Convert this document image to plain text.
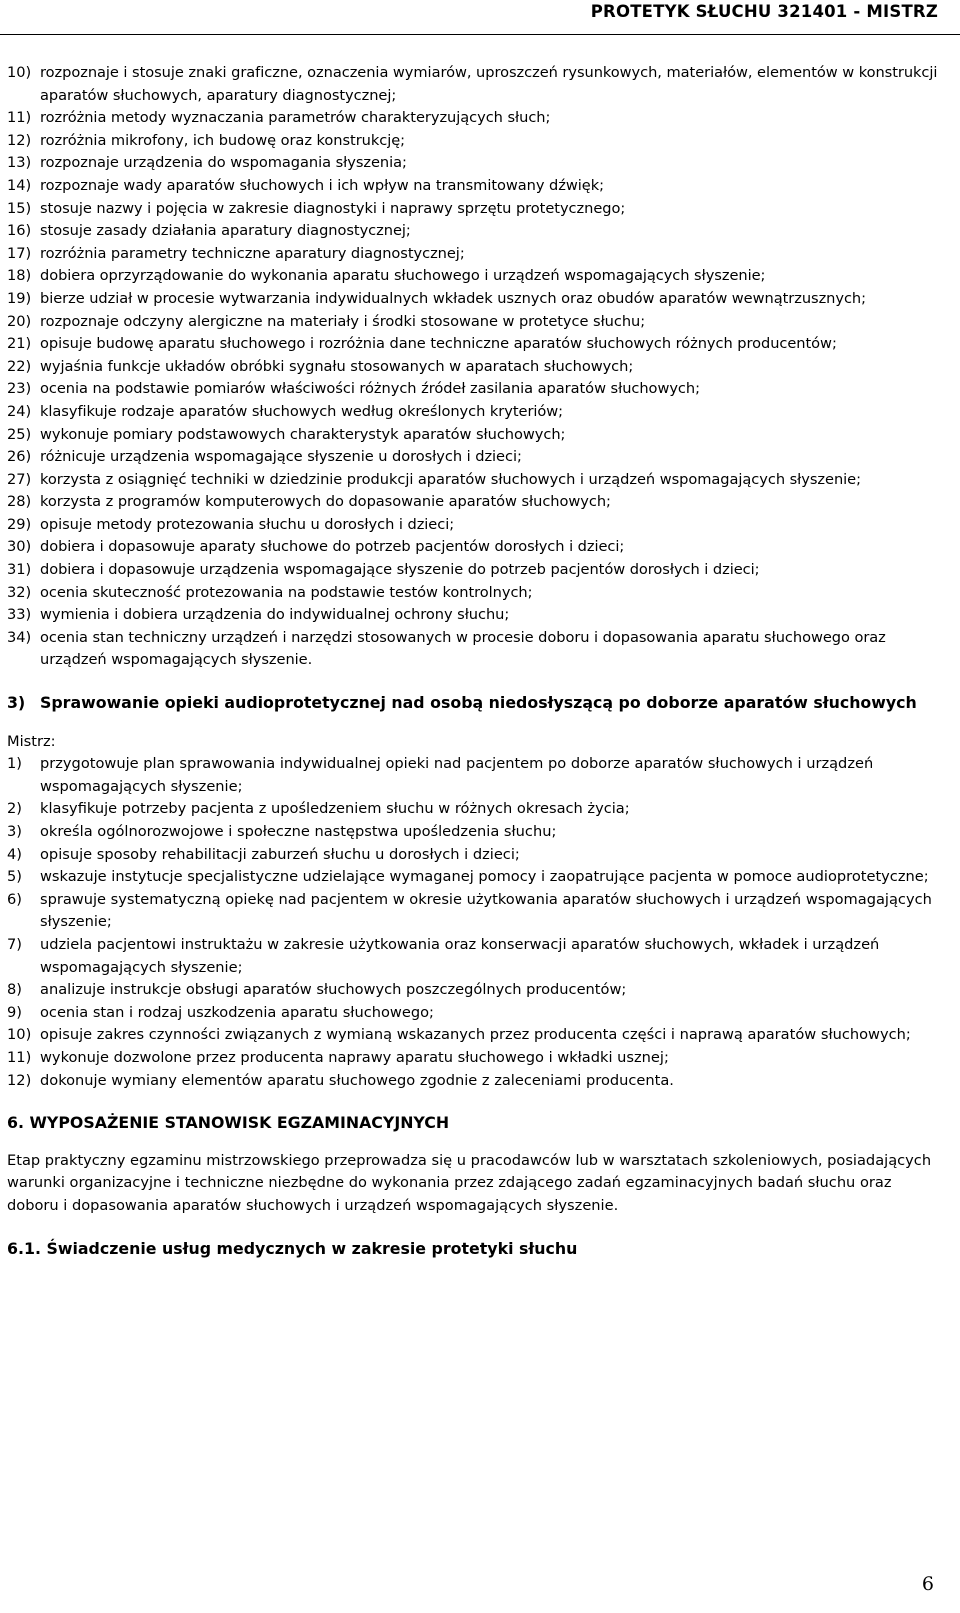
PROTETYK SŁUCHU 321401 - MISTRZ
10) rozpoznaje i stosuje znaki graficzne, oznaczenia wymiarów, uproszczeń rysunkowych, materiałów, elementów w konstrukcji aparatów słuchowych, aparatury diagnostycznej;
11) rozróżnia metody wyznaczania parametrów charakteryzujących słuch;
12) rozróżnia mikrofony, ich budowę oraz konstrukcję;
13) rozpoznaje urządzenia do wspomagania słyszenia;
14) rozpoznaje wady aparatów słuchowych i ich wpływ na transmitowany dźwięk;
15) stosuje nazwy i pojęcia w zakresie diagnostyki i naprawy sprzętu protetycznego;
16) stosuje zasady działania aparatury diagnostycznej;
17) rozróżnia parametry techniczne aparatury diagnostycznej;
18) dobiera oprzyrządowanie do wykonania aparatu słuchowego i urządzeń wspomagających słyszenie;
19) bierze udział w procesie wytwarzania indywidualnych wkładek usznych oraz obudów aparatów wewnątrzusznych;
20) rozpoznaje odczyny alergiczne na materiały i środki stosowane w protetyce słuchu;
21) opisuje budowę aparatu słuchowego i rozróżnia dane techniczne aparatów słuchowych różnych producentów;
22) wyjaśnia funkcje układów obróbki sygnału stosowanych w aparatach słuchowych;
23) ocenia na podstawie pomiarów właściwości różnych źródeł zasilania aparatów słuchowych;
24) klasyfikuje rodzaje aparatów słuchowych według określonych kryteriów;
25) wykonuje pomiary podstawowych charakterystyk aparatów słuchowych;
26) różnicuje urządzenia wspomagające słyszenie u dorosłych i dzieci;
27) korzysta z osiągnięć techniki w dziedzinie produkcji aparatów słuchowych i urządzeń wspomagających słyszenie;
28) korzysta z programów komputerowych do dopasowanie aparatów słuchowych;
29) opisuje metody protezowania słuchu u dorosłych i dzieci;
30) dobiera i dopasowuje aparaty słuchowe do potrzeb pacjentów dorosłych i dzieci;
31) dobiera i dopasowuje urządzenia wspomagające słyszenie do potrzeb pacjentów dorosłych i dzieci;
32) ocenia skuteczność protezowania na podstawie testów kontrolnych;
33) wymienia i dobiera urządzenia do indywidualnej ochrony słuchu;
34) ocenia stan techniczny urządzeń i narzędzi stosowanych w procesie doboru i dopasowania aparatu słuchowego oraz urządzeń wspomagających słyszenie.
3) Sprawowanie opieki audioprotetycznej nad osobą niedosłyszącą po doborze aparatów słuchowych
Mistrz:
1) przygotowuje plan sprawowania indywidualnej opieki nad pacjentem po doborze aparatów słuchowych i urządzeń wspomagających słyszenie;
2) klasyfikuje potrzeby pacjenta z upośledzeniem słuchu w różnych okresach życia;
3) określa ogólnorozwojowe i społeczne następstwa upośledzenia słuchu;
4) opisuje sposoby rehabilitacji zaburzeń słuchu u dorosłych i dzieci;
5) wskazuje instytucje specjalistyczne udzielające wymaganej pomocy i zaopatrujące pacjenta w pomoce audioprotetyczne;
6) sprawuje systematyczną opiekę nad pacjentem w okresie użytkowania aparatów słuchowych i urządzeń wspomagających słyszenie;
7) udziela pacjentowi instruktażu w zakresie użytkowania oraz konserwacji aparatów słuchowych, wkładek i urządzeń wspomagających słyszenie;
8) analizuje instrukcje obsługi aparatów słuchowych poszczególnych producentów;
9) ocenia stan i rodzaj uszkodzenia aparatu słuchowego;
10) opisuje zakres czynności związanych z wymianą wskazanych przez producenta części i naprawą aparatów słuchowych;
11) wykonuje dozwolone przez producenta naprawy aparatu słuchowego i wkładki usznej;
12) dokonuje wymiany elementów aparatu słuchowego zgodnie z zaleceniami producenta.
6. WYPOSAŻENIE STANOWISK EGZAMINACYJNYCH
Etap praktyczny egzaminu mistrzowskiego przeprowadza się u pracodawców lub w warsztatach szkoleniowych, posiadających warunki organizacyjne i techniczne niezbędne do wykonania przez zdającego zadań egzaminacyjnych badań słuchu oraz doboru i dopasowania aparatów słuchowych i urządzeń wspomagających słyszenie.
6.1. Świadczenie usług medycznych w zakresie protetyki słuchu
6
